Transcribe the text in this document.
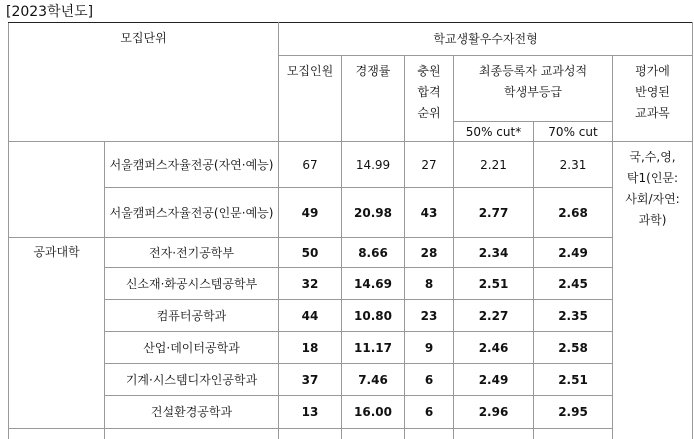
[2023학년도]
모집단위		학교생활우수자전형					
		모집인원	경쟁률	충원
합격
순위	최종등록자 교과성적
학생부등급		평가에
반영된
교과목
					50% cut*	70% cut	
	서울캠퍼스자율전공(자연·예능)	67	14.99	27	2.21	2.31	국,수,영,
탁1(인문:
사회/자연:
과학)
	서울캠퍼스자율전공(인문·예능)	49	20.98	43	2.77	2.68	
공과대학	전자·전기공학부	50	8.66	28	2.34	2.49	
	신소재·화공시스템공학부	32	14.69	8	2.51	2.45	
	컴퓨터공학과	44	10.80	23	2.27	2.35	
	산업·데이터공학과	18	11.17	9	2.46	2.58	
	기계·시스템디자인공학과	37	7.46	6	2.49	2.51	
	건설환경공학과	13	16.00	6	2.96	2.95	
